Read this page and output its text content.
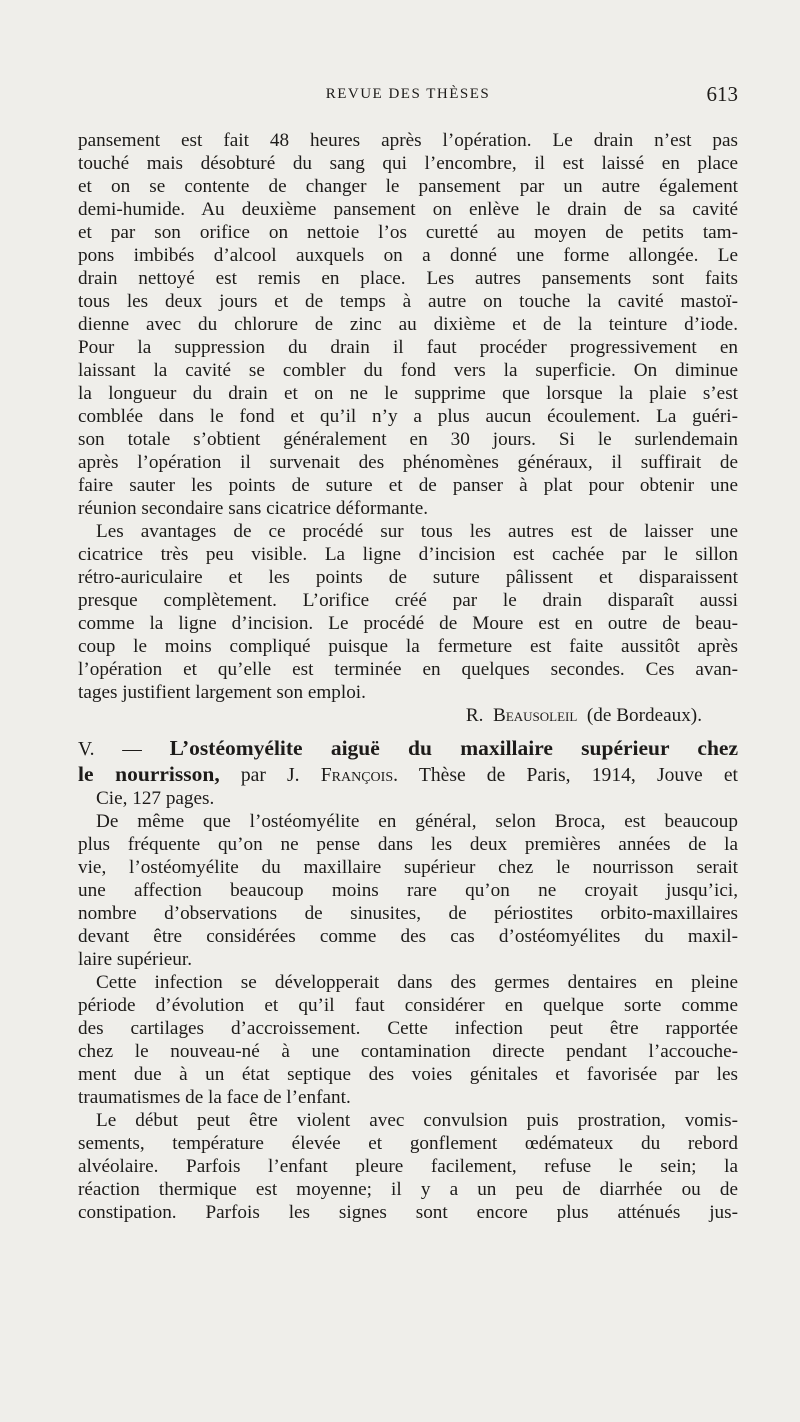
REVUE DES THÈSES	613
pansement est fait 48 heures après l’opération. Le drain n’est pas
touché mais désobturé du sang qui l’encombre, il est laissé en place
et on se contente de changer le pansement par un autre également
demi-humide. Au deuxième pansement on enlève le drain de sa cavité
et par son orifice on nettoie l’os curetté au moyen de petits tam-
pons imbibés d’alcool auxquels on a donné une forme allongée. Le
drain nettoyé est remis en place. Les autres pansements sont faits
tous les deux jours et de temps à autre on touche la cavité mastoï-
dienne avec du chlorure de zinc au dixième et de la teinture d’iode.
Pour la suppression du drain il faut procéder progressivement en
laissant la cavité se combler du fond vers la superficie. On diminue
la longueur du drain et on ne le supprime que lorsque la plaie s’est
comblée dans le fond et qu’il n’y a plus aucun écoulement. La guéri-
son totale s’obtient généralement en 30 jours. Si le surlendemain
après l’opération il survenait des phénomènes généraux, il suffirait de
faire sauter les points de suture et de panser à plat pour obtenir une
réunion secondaire sans cicatrice déformante.
Les avantages de ce procédé sur tous les autres est de laisser une
cicatrice très peu visible. La ligne d’incision est cachée par le sillon
rétro-auriculaire et les points de suture pâlissent et disparaissent
presque complètement. L’orifice créé par le drain disparaît aussi
comme la ligne d’incision. Le procédé de Moure est en outre de beau-
coup le moins compliqué puisque la fermeture est faite aussitôt après
l’opération et qu’elle est terminée en quelques secondes. Ces avan-
tages justifient largement son emploi.
R.  Beausoleil  (de Bordeaux).
V. — L’ostéomyélite aiguë du maxillaire supérieur chez
le nourrisson, par J. François. Thèse de Paris, 1914, Jouve et
Cie, 127 pages.
De même que l’ostéomyélite en général, selon Broca, est beaucoup
plus fréquente qu’on ne pense dans les deux premières années de la
vie, l’ostéomyélite du maxillaire supérieur chez le nourrisson serait
une affection beaucoup moins rare qu’on ne croyait jusqu’ici,
nombre d’observations de sinusites, de périostites orbito-maxillaires
devant être considérées comme des cas d’ostéomyélites du maxil-
laire supérieur.
Cette infection se développerait dans des germes dentaires en pleine
période d’évolution et qu’il faut considérer en quelque sorte comme
des cartilages d’accroissement. Cette infection peut être rapportée
chez le nouveau-né à une contamination directe pendant l’accouche-
ment due à un état septique des voies génitales et favorisée par les
traumatismes de la face de l’enfant.
Le début peut être violent avec convulsion puis prostration, vomis-
sements, température élevée et gonflement œdémateux du rebord
alvéolaire. Parfois l’enfant pleure facilement, refuse le sein; la
réaction thermique est moyenne; il y a un peu de diarrhée ou de
constipation. Parfois les signes sont encore plus atténués jus-
